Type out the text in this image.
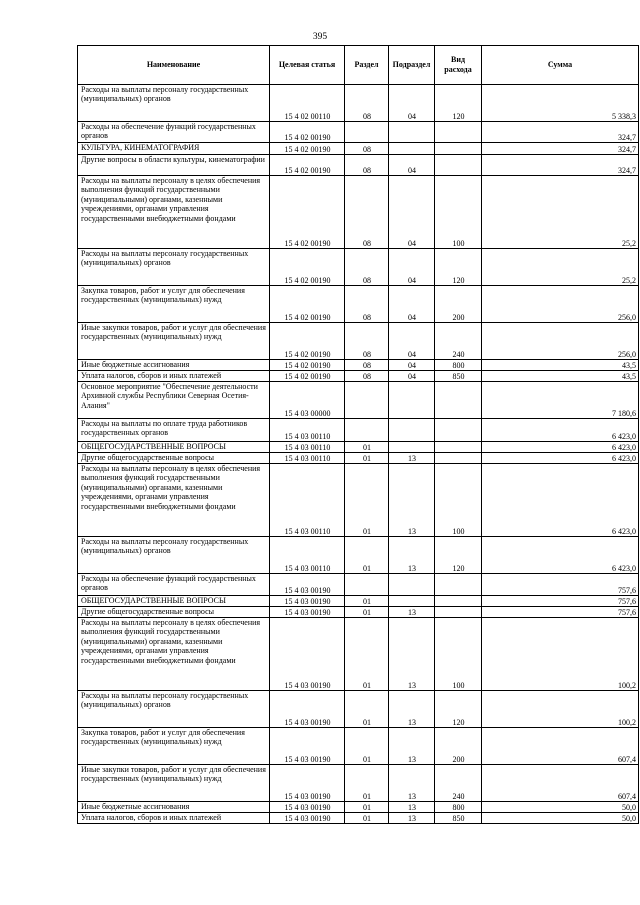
395
Наименование	Целевая статья	Раздел	Подраздел	Вид расхода	Сумма
Расходы на выплаты персоналу государственных (муниципальных) органов	15 4 02 00110	08	04	120	5 338,3
Расходы на обеспечение функций государственных органов	15 4 02 00190				324,7
КУЛЬТУРА, КИНЕМАТОГРАФИЯ	15 4 02 00190	08			324,7
Другие вопросы в области культуры, кинематографии	15 4 02 00190	08	04		324,7
Расходы на выплаты персоналу в целях обеспечения выполнения функций государственными (муниципальными) органами, казенными учреждениями, органами управления государственными внебюджетными фондами	15 4 02 00190	08	04	100	25,2
Расходы на выплаты персоналу государственных (муниципальных) органов	15 4 02 00190	08	04	120	25,2
Закупка товаров, работ и услуг для обеспечения государственных (муниципальных) нужд	15 4 02 00190	08	04	200	256,0
Иные закупки товаров, работ и услуг для обеспечения государственных (муниципальных) нужд	15 4 02 00190	08	04	240	256,0
Иные бюджетные ассигнования	15 4 02 00190	08	04	800	43,5
Уплата налогов, сборов и иных платежей	15 4 02 00190	08	04	850	43,5
Основное мероприятие "Обеспечение деятельности Архивной службы Республики Северная Осетия-Алания"	15 4 03 00000				7 180,6
Расходы на выплаты по оплате труда работников государственных органов	15 4 03 00110				6 423,0
ОБЩЕГОСУДАРСТВЕННЫЕ ВОПРОСЫ	15 4 03 00110	01			6 423,0
Другие общегосударственные вопросы	15 4 03 00110	01	13		6 423,0
Расходы на выплаты персоналу в целях обеспечения выполнения функций государственными (муниципальными) органами, казенными учреждениями, органами управления государственными внебюджетными фондами	15 4 03 00110	01	13	100	6 423,0
Расходы на выплаты персоналу государственных (муниципальных) органов	15 4 03 00110	01	13	120	6 423,0
Расходы на обеспечение функций государственных органов	15 4 03 00190				757,6
ОБЩЕГОСУДАРСТВЕННЫЕ ВОПРОСЫ	15 4 03 00190	01			757,6
Другие общегосударственные вопросы	15 4 03 00190	01	13		757,6
Расходы на выплаты персоналу в целях обеспечения выполнения функций государственными (муниципальными) органами, казенными учреждениями, органами управления государственными внебюджетными фондами	15 4 03 00190	01	13	100	100,2
Расходы на выплаты персоналу государственных (муниципальных) органов	15 4 03 00190	01	13	120	100,2
Закупка товаров, работ и услуг для обеспечения государственных (муниципальных) нужд	15 4 03 00190	01	13	200	607,4
Иные закупки товаров, работ и услуг для обеспечения государственных (муниципальных) нужд	15 4 03 00190	01	13	240	607,4
Иные бюджетные ассигнования	15 4 03 00190	01	13	800	50,0
Уплата налогов, сборов и иных платежей	15 4 03 00190	01	13	850	50,0
